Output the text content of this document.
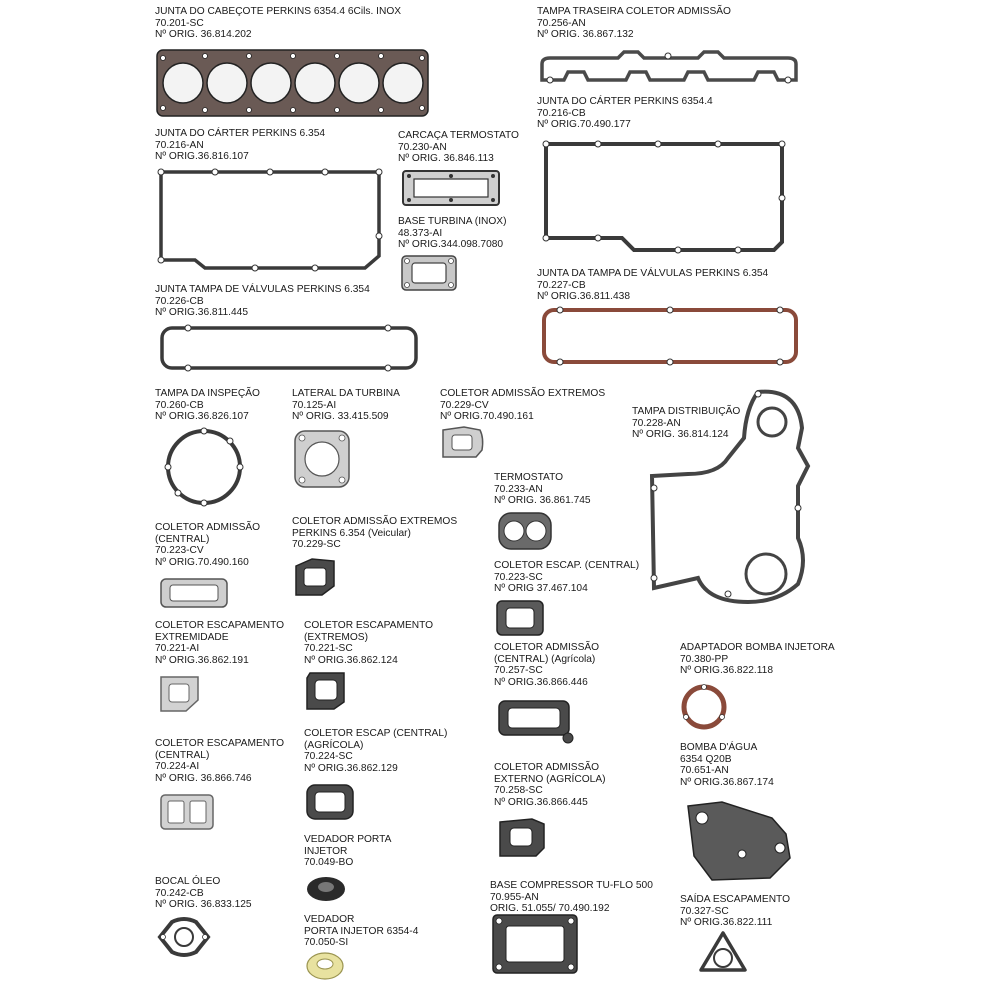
JUNTA DO CABEÇOTE PERKINS 6354.4 6Cils. INOX
70.201-SC
Nº ORIG. 36.814.202
TAMPA TRASEIRA COLETOR ADMISSÃO
70.256-AN
Nº ORIG. 36.867.132
JUNTA DO CÁRTER PERKINS 6354.4
70.216-CB
Nº ORIG.70.490.177
JUNTA DO CÁRTER PERKINS 6.354
70.216-AN
Nº ORIG.36.816.107
CARCAÇA TERMOSTATO
70.230-AN
Nº ORIG. 36.846.113
BASE TURBINA (INOX)
48.373-AI
Nº ORIG.344.098.7080
JUNTA DA TAMPA DE VÁLVULAS PERKINS 6.354
70.227-CB
Nº ORIG.36.811.438
JUNTA TAMPA DE VÁLVULAS PERKINS 6.354
70.226-CB
Nº ORIG.36.811.445
TAMPA DA INSPEÇÃO
70.260-CB
Nº ORIG.36.826.107
LATERAL DA TURBINA
70.125-AI
Nº ORIG. 33.415.509
COLETOR ADMISSÃO EXTREMOS
70.229-CV
Nº ORIG.70.490.161	TAMPA DISTRIBUIÇÃO
70.228-AN
Nº ORIG. 36.814.124
TERMOSTATO
70.233-AN
Nº ORIG. 36.861.745
COLETOR ADMISSÃO
(CENTRAL)
70.223-CV
Nº ORIG.70.490.160
COLETOR ADMISSÃO EXTREMOS
PERKINS 6.354 (Veicular)
70.229-SC
COLETOR ESCAP. (CENTRAL)
70.223-SC
Nº ORIG 37.467.104
COLETOR ESCAPAMENTO
EXTREMIDADE
70.221-AI
Nº ORIG.36.862.191
COLETOR ESCAPAMENTO
(EXTREMOS)
70.221-SC
Nº ORIG.36.862.124
COLETOR ADMISSÃO
(CENTRAL) (Agrícola)
70.257-SC
Nº ORIG.36.866.446
ADAPTADOR BOMBA INJETORA
70.380-PP
Nº ORIG.36.822.118
COLETOR ESCAPAMENTO
(CENTRAL)
70.224-AI
Nº ORIG. 36.866.746
COLETOR ESCAP (CENTRAL)
(AGRÍCOLA)
70.224-SC
Nº ORIG.36.862.129
BOMBA D'ÁGUA
6354 Q20B
70.651-AN
Nº ORIG.36.867.174
COLETOR ADMISSÃO
EXTERNO (AGRÍCOLA)
70.258-SC
Nº ORIG.36.866.445
VEDADOR PORTA
INJETOR
70.049-BO
BOCAL ÓLEO
70.242-CB
Nº ORIG. 36.833.125
BASE COMPRESSOR TU-FLO 500
70.955-AN
ORIG. 51.055/ 70.490.192
SAÍDA ESCAPAMENTO
70.327-SC
Nº ORIG.36.822.111
VEDADOR
PORTA INJETOR 6354-4
70.050-SI
